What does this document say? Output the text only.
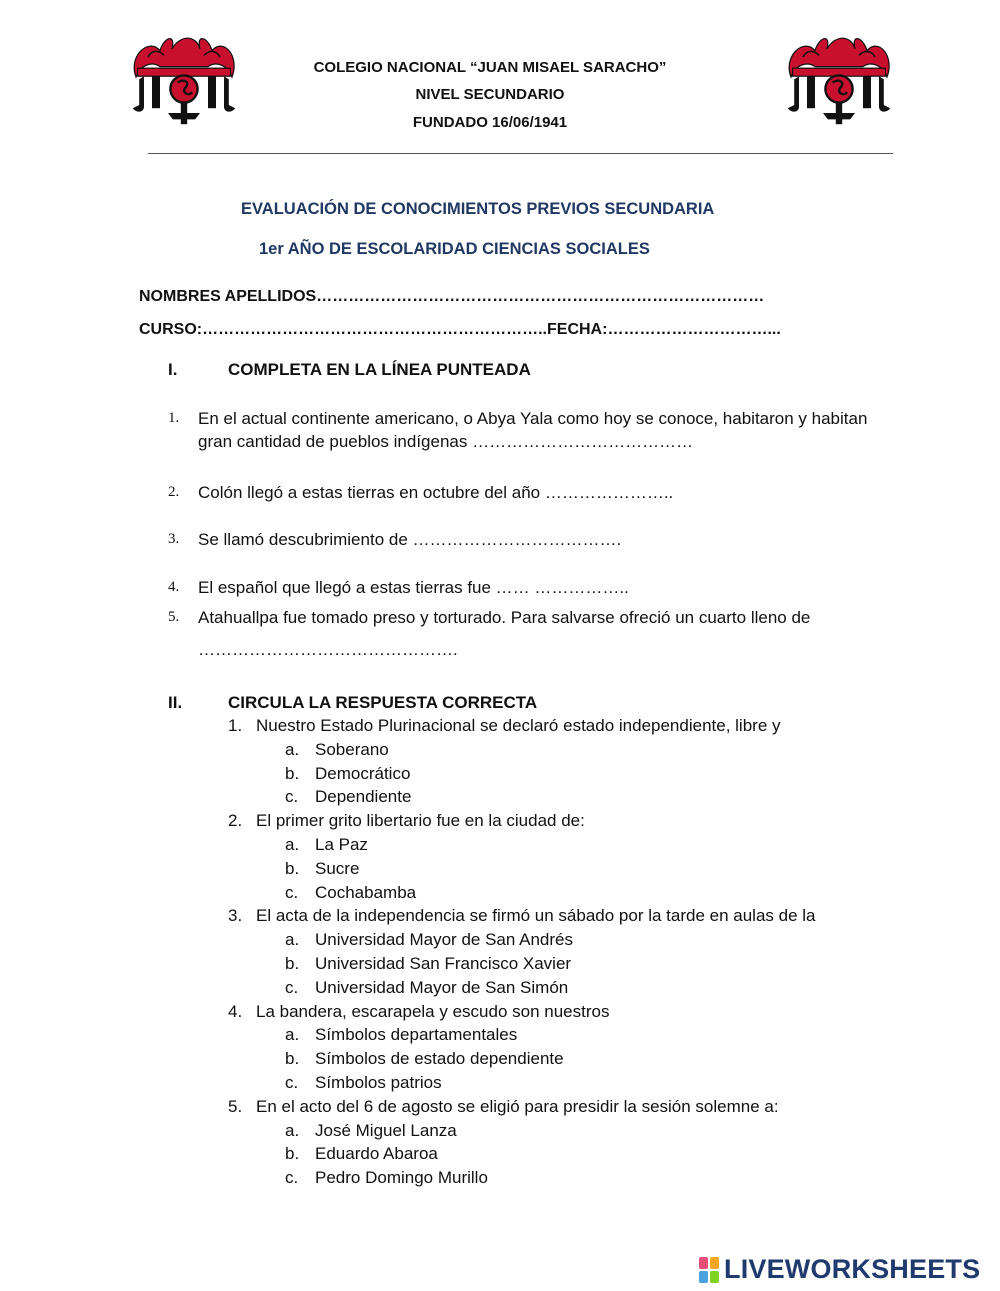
COLEGIO NACIONAL “JUAN MISAEL SARACHO”
NIVEL SECUNDARIO
FUNDADO 16/06/1941
EVALUACIÓN DE CONOCIMIENTOS PREVIOS SECUNDARIA
1er AÑO DE ESCOLARIDAD CIENCIAS SOCIALES
NOMBRES APELLIDOS…………………………………………………………………………
CURSO:………………………………………………………..FECHA:…………………………...
I.	COMPLETA EN LA LÍNEA PUNTEADA
1. En el actual continente americano, o Abya Yala como hoy se conoce, habitaron y habitan gran cantidad de pueblos indígenas …………………………………
2. Colón llegó a estas tierras en octubre del año …………………..
3. Se llamó descubrimiento de ……………………………….
4. El español que llegó a estas tierras fue …… ……………..
5. Atahuallpa fue tomado preso y torturado. Para salvarse ofreció un cuarto lleno de
……………………………………….
II.	CIRCULA LA RESPUESTA CORRECTA
1. Nuestro Estado Plurinacional se declaró estado independiente, libre y
a. Soberano
b. Democrático
c. Dependiente
2. El primer grito libertario fue en la ciudad de:
a. La Paz
b. Sucre
c. Cochabamba
3. El acta de la independencia se firmó un sábado por la tarde en aulas de la
a. Universidad Mayor de San Andrés
b. Universidad San Francisco Xavier
c. Universidad Mayor de San Simón
4. La bandera, escarapela y escudo son nuestros
a. Símbolos departamentales
b. Símbolos de estado dependiente
c. Símbolos patrios
5. En el acto del 6 de agosto se eligió para presidir la sesión solemne a:
a. José Miguel Lanza
b. Eduardo Abaroa
c. Pedro Domingo Murillo
LIVEWORKSHEETS
